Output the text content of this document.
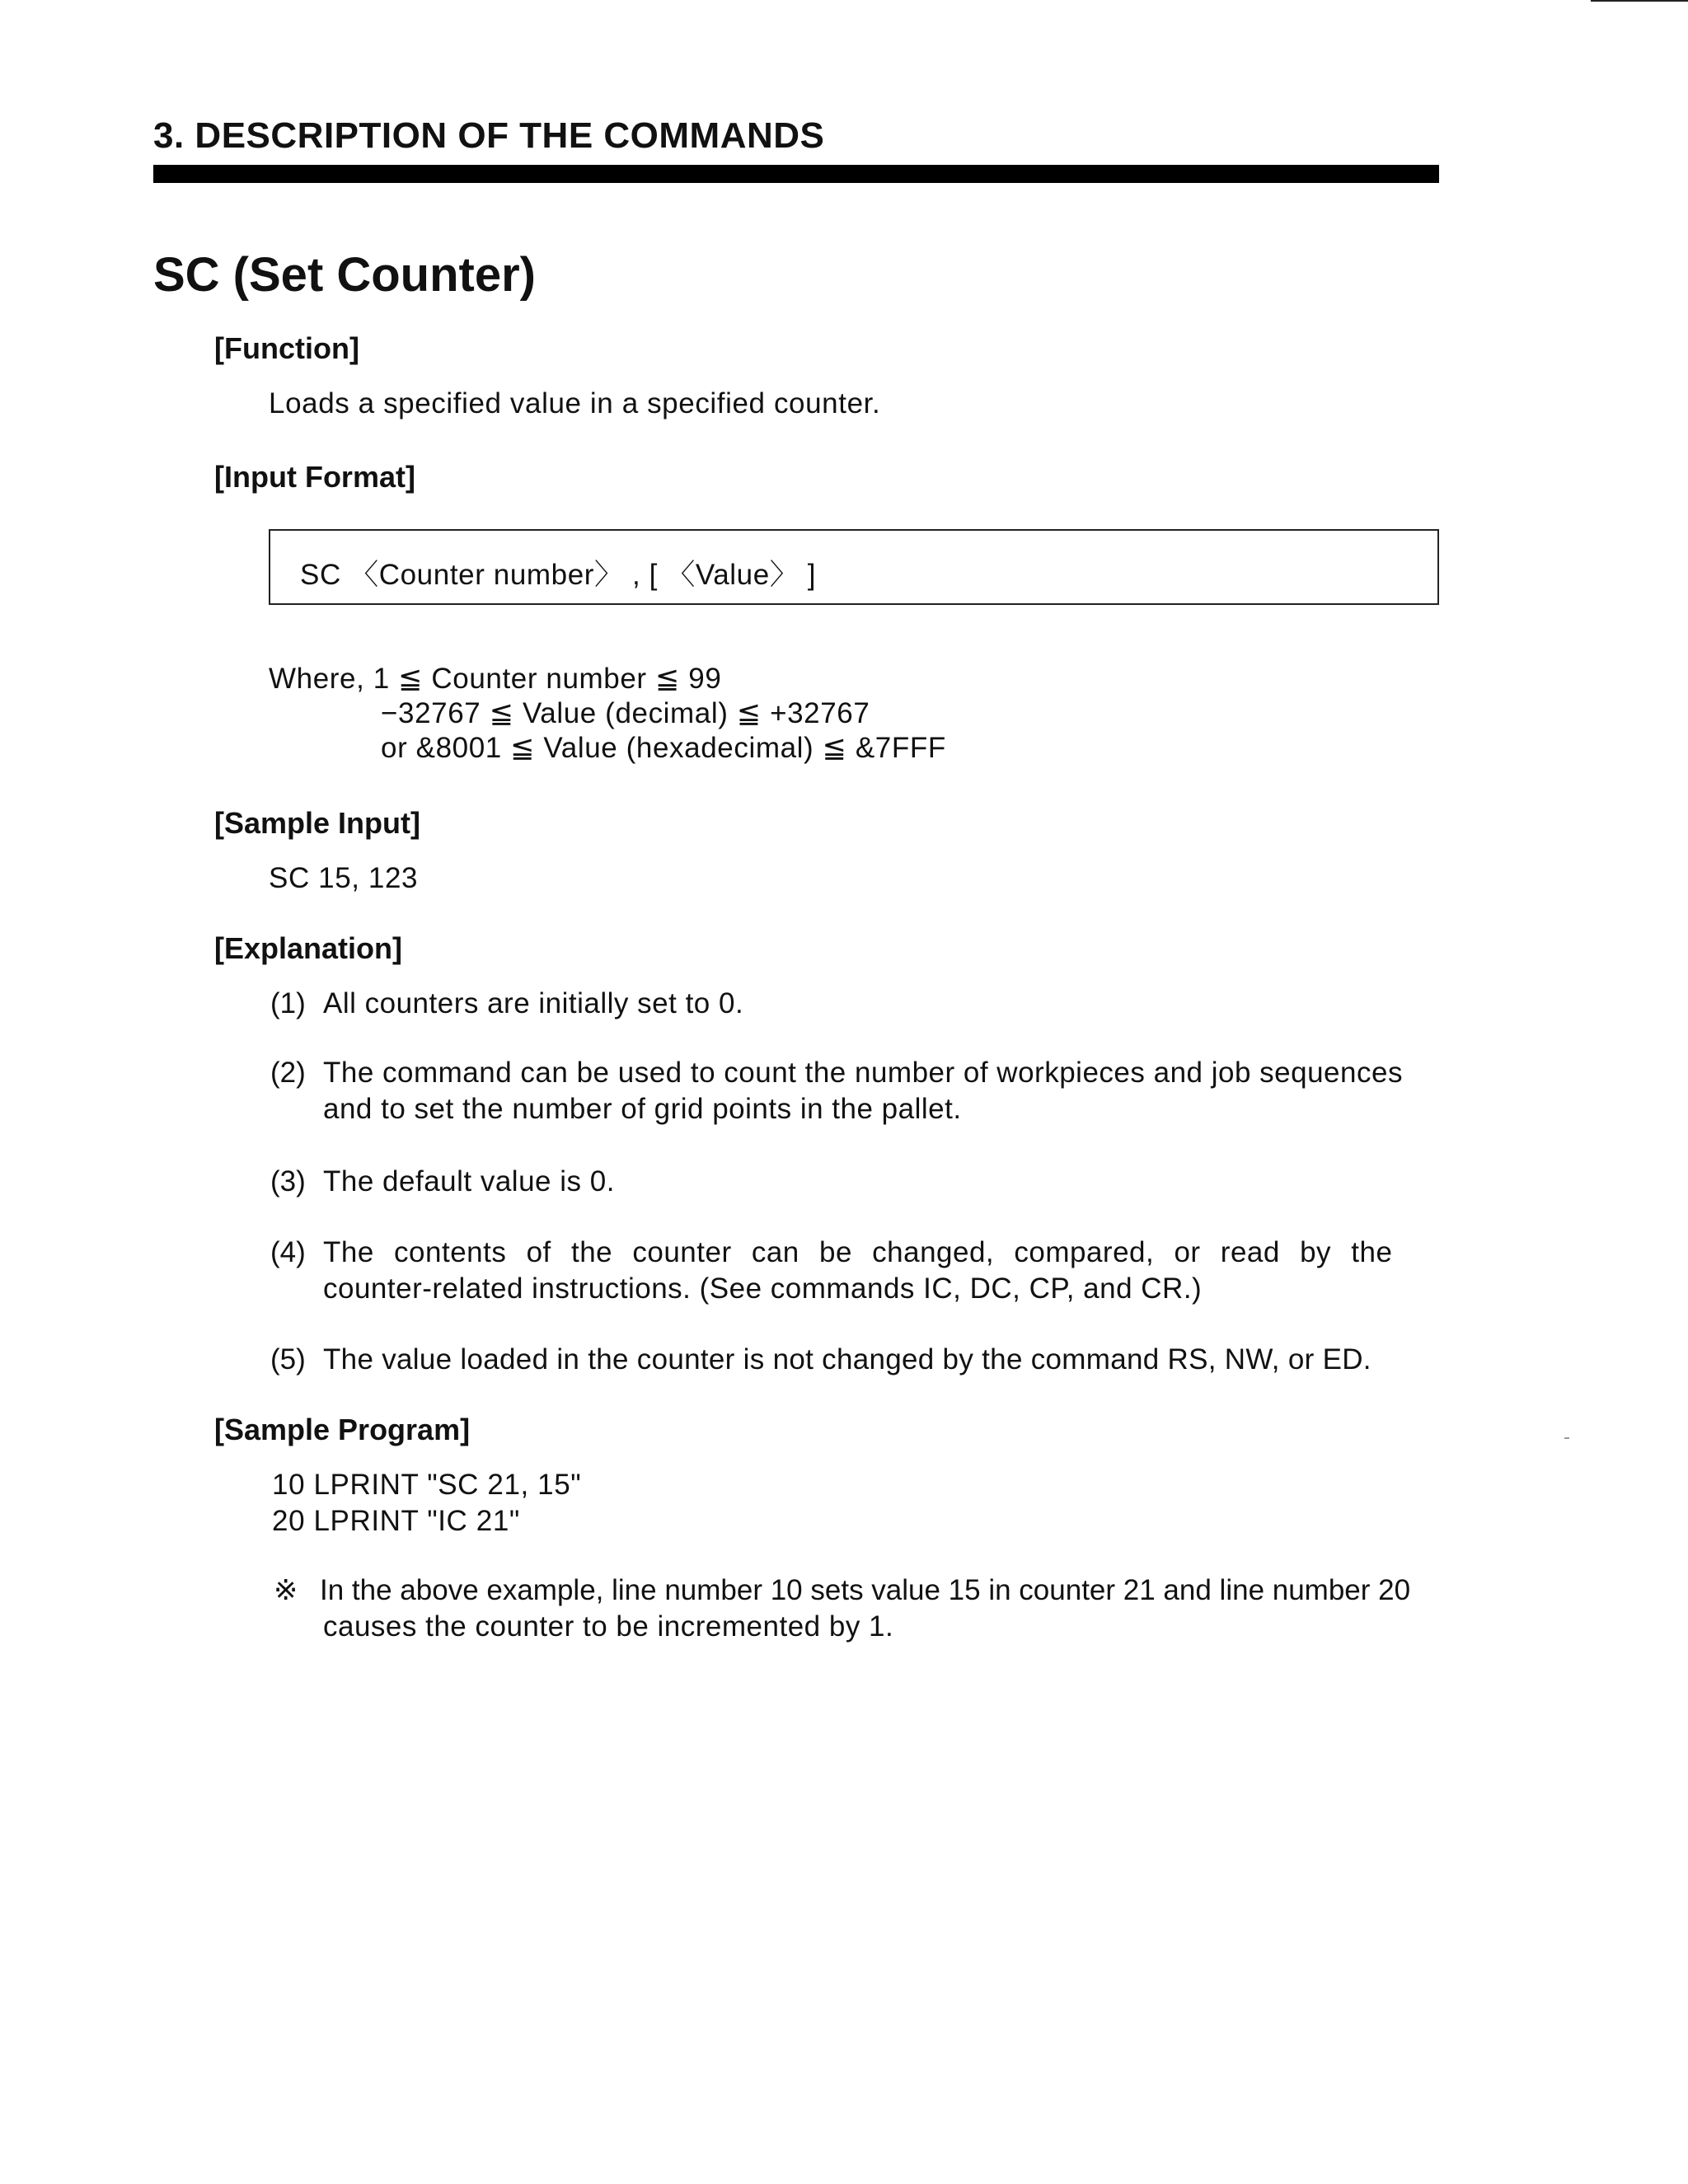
3. DESCRIPTION OF THE COMMANDS
SC (Set Counter)
[Function]
Loads a specified value in a specified counter.
[Input Format]
SC 〈Counter number〉 , [ 〈Value〉 ]
Where, 1 ≦ Counter number ≦ 99
−32767 ≦ Value (decimal) ≦ +32767
or &8001 ≦ Value (hexadecimal) ≦ &7FFF
[Sample Input]
SC 15, 123
[Explanation]
(1) All counters are initially set to 0.
(2) The command can be used to count the number of workpieces and job sequences
and to set the number of grid points in the pallet.
(3) The default value is 0.
(4) The contents of the counter can be changed, compared, or read by the
counter-related instructions. (See commands IC, DC, CP, and CR.)
(5) The value loaded in the counter is not changed by the command RS, NW, or ED.
[Sample Program]
10 LPRINT "SC 21, 15"
20 LPRINT "IC 21"
※ In the above example, line number 10 sets value 15 in counter 21 and line number 20
causes the counter to be incremented by 1.
